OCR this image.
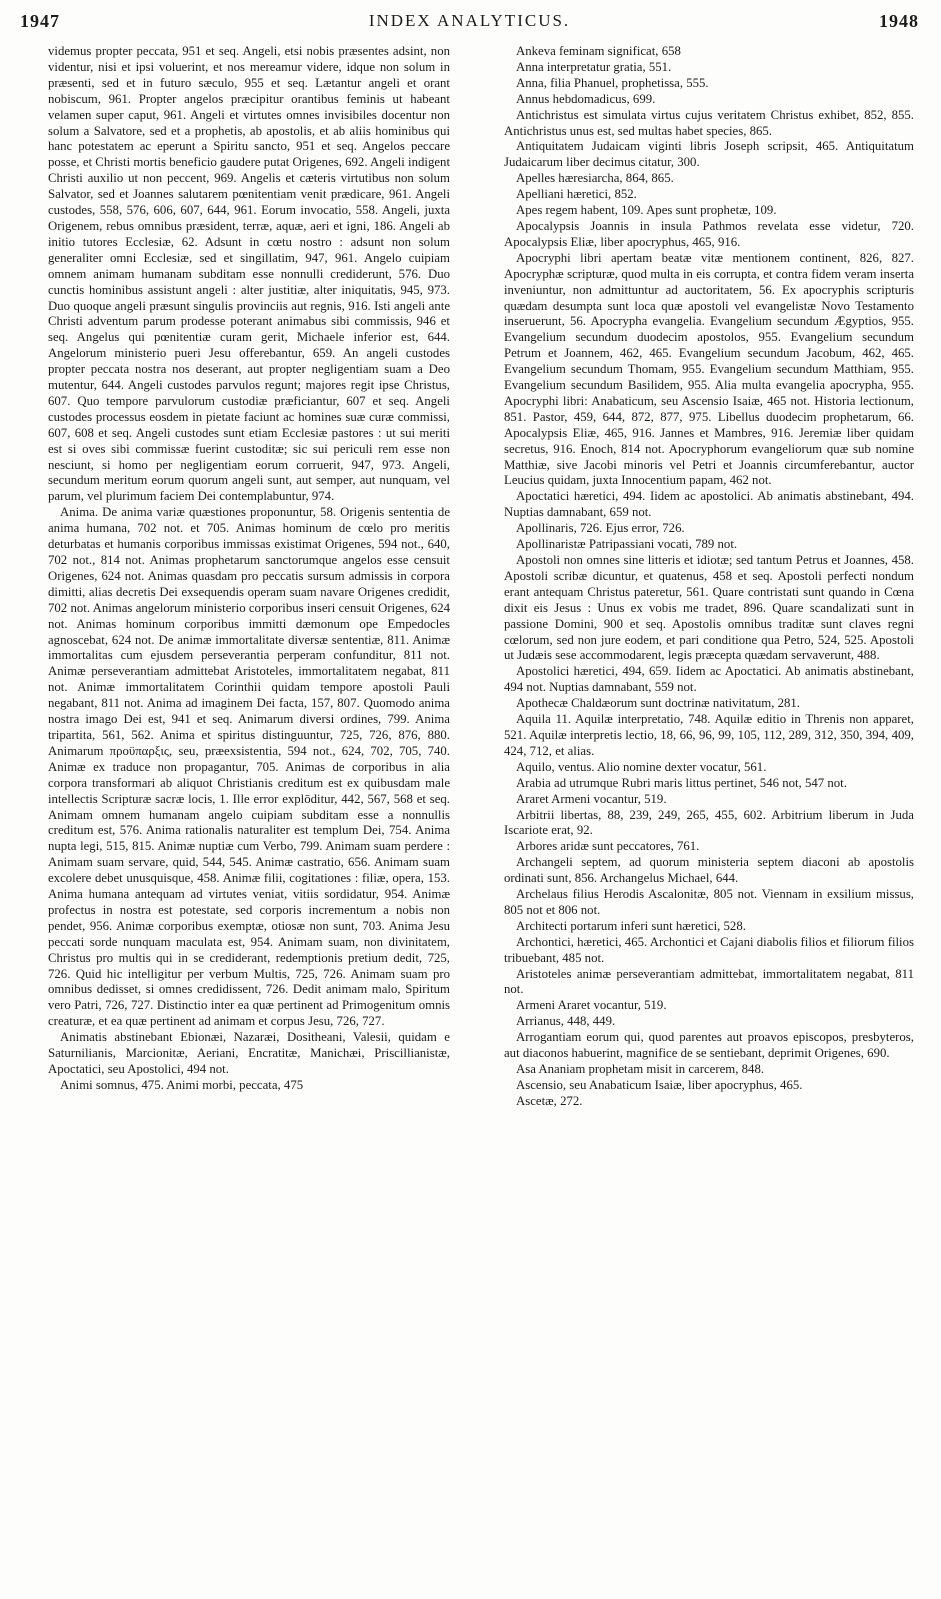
1947	INDEX ANALYTICUS.	1948

videmus propter peccata, 951 et seq. Angeli, etsi nobis præsentes adsint, non videntur, nisi et ipsi voluerint, et nos mereamur videre, idque non solum in præsenti, sed et in futuro sæculo, 955 et seq. Lætantur angeli et orant nobiscum, 961. Propter angelos præcipitur orantibus feminis ut habeant velamen super caput, 961. Angeli et virtutes omnes invisibiles docentur non solum a Salvatore, sed et a prophetis, ab apostolis, et ab aliis hominibus qui hanc potestatem ac eperunt a Spiritu sancto, 951 et seq. Angelos peccare posse, et Christi mortis beneficio gaudere putat Origenes, 692. Angeli indigent Christi auxilio ut non peccent, 969. Angelis et cæteris virtutibus non solum Salvator, sed et Joannes salutarem pœnitentiam venit prædicare, 961. Angeli custodes, 558, 576, 606, 607, 644, 961. Eorum invocatio, 558. Angeli, juxta Origenem, rebus omnibus præsident, terræ, aquæ, aeri et igni, 186. Angeli ab initio tutores Ecclesiæ, 62. Adsunt in cœtu nostro : adsunt non solum generaliter omni Ecclesiæ, sed et singillatim, 947, 961. Angelo cuipiam omnem animam humanam subditam esse nonnulli crediderunt, 576. Duo cunctis hominibus assistunt angeli : alter justitiæ, alter iniquitatis, 945, 973. Duo quoque angeli præsunt singulis provinciis aut regnis, 916. Isti angeli ante Christi adventum parum prodesse poterant animabus sibi commissis, 946 et seq. Angelus qui pœnitentiæ curam gerit, Michaele inferior est, 644. Angelorum ministerio pueri Jesu offerebantur, 659. An angeli custodes propter peccata nostra nos deserant, aut propter negligentiam suam a Deo mutentur, 644. Angeli custodes parvulos regunt; majores regit ipse Christus, 607. Quo tempore parvulorum custodiæ præficiantur, 607 et seq. Angeli custodes processus eosdem in pietate faciunt ac homines suæ curæ commissi, 607, 608 et seq. Angeli custodes sunt etiam Ecclesiæ pastores : ut sui meriti est si oves sibi commissæ fuerint custoditæ; sic sui periculi rem esse non nesciunt, si homo per negligentiam eorum corruerit, 947, 973. Angeli, secundum meritum eorum quorum angeli sunt, aut semper, aut nunquam, vel parum, vel plurimum faciem Dei contemplabuntur, 974.

Anima. De anima variæ quæstiones proponuntur, 58. Origenis sententia de anima humana, 702 not. et 705. Animas hominum de cœlo pro meritis deturbatas et humanis corporibus immissas existimat Origenes, 594 not., 640, 702 not., 814 not. Animas prophetarum sanctorumque angelos esse censuit Origenes, 624 not. Animas quasdam pro peccatis sursum admissis in corpora dimitti, alias decretis Dei exsequendis operam suam navare Origenes credidit, 702 not. Animas angelorum ministerio corporibus inseri censuit Origenes, 624 not. Animas hominum corporibus immitti dæmonum ope Empedocles agnoscebat, 624 not. De animæ immortalitate diversæ sententiæ, 811. Animæ immortalitas cum ejusdem perseverantia perperam confunditur, 811 not. Animæ perseverantiam admittebat Aristoteles, immortalitatem negabat, 811 not. Animæ immortalitatem Corinthii quidam tempore apostoli Pauli negabant, 811 not. Anima ad imaginem Dei facta, 157, 807. Quomodo anima nostra imago Dei est, 941 et seq. Animarum diversi ordines, 799. Anima tripartita, 561, 562. Anima et spiritus distinguuntur, 725, 726, 876, 880. Animarum προϋπαρξις, seu, præexsistentia, 594 not., 624, 702, 705, 740. Animæ ex traduce non propagantur, 705. Animas de corporibus in alia corpora transformari ab aliquot Christianis creditum est ex quibusdam male intellectis Scripturæ sacræ locis, 1. Ille error explōditur, 442, 567, 568 et seq. Animam omnem humanam angelo cuipiam subditam esse a nonnullis creditum est, 576. Anima rationalis naturaliter est templum Dei, 754. Anima nupta legi, 515, 815. Animæ nuptiæ cum Verbo, 799. Animam suam perdere : Animam suam servare, quid, 544, 545. Animæ castratio, 656. Animam suam excolere debet unusquisque, 458. Animæ filii, cogitationes : filiæ, opera, 153. Anima humana antequam ad virtutes veniat, vitiis sordidatur, 954. Animæ profectus in nostra est potestate, sed corporis incrementum a nobis non pendet, 956. Animæ corporibus exemptæ, otiosæ non sunt, 703. Anima Jesu peccati sorde nunquam maculata est, 954. Animam suam, non divinitatem, Christus pro multis qui in se crediderant, redemptionis pretium dedit, 725, 726. Quid hic intelligitur per verbum Multis, 725, 726. Animam suam pro omnibus dedisset, si omnes credidissent, 726. Dedit animam malo, Spiritum vero Patri, 726, 727. Distinctio inter ea quæ pertinent ad Primogenitum omnis creaturæ, et ea quæ pertinent ad animam et corpus Jesu, 726, 727.

Animatis abstinebant Ebionæi, Nazaræi, Dositheani, Valesii, quidam e Saturnilianis, Marcionitæ, Aeriani, Encratitæ, Manichæi, Priscillianistæ, Apoctatici, seu Apostolici, 494 not.

Animi somnus, 475. Animi morbi, peccata, 475

Ankeva feminam significat, 658

Anna interpretatur gratia, 551.

Anna, filia Phanuel, prophetissa, 555.

Annus hebdomadicus, 699.

Antichristus est simulata virtus cujus veritatem Christus exhibet, 852, 855. Antichristus unus est, sed multas habet species, 865.

Antiquitatem Judaicam viginti libris Joseph scripsit, 465. Antiquitatum Judaicarum liber decimus citatur, 300.

Apelles hæresiarcha, 864, 865.

Apelliani hæretici, 852.

Apes regem habent, 109. Apes sunt prophetæ, 109.

Apocalypsis Joannis in insula Pathmos revelata esse videtur, 720. Apocalypsis Eliæ, liber apocryphus, 465, 916.

Apocryphi libri apertam beatæ vitæ mentionem continent, 826, 827. Apocryphæ scripturæ, quod multa in eis corrupta, et contra fidem veram inserta inveniuntur, non admittuntur ad auctoritatem, 56. Ex apocryphis scripturis quædam desumpta sunt loca quæ apostoli vel evangelistæ Novo Testamento inseruerunt, 56. Apocrypha evangelia. Evangelium secundum Ægyptios, 955. Evangelium secundum duodecim apostolos, 955. Evangelium secundum Petrum et Joannem, 462, 465. Evangelium secundum Jacobum, 462, 465. Evangelium secundum Thomam, 955. Evangelium secundum Matthiam, 955. Evangelium secundum Basilidem, 955. Alia multa evangelia apocrypha, 955. Apocryphi libri: Anabaticum, seu Ascensio Isaiæ, 465 not. Historia lectionum, 851. Pastor, 459, 644, 872, 877, 975. Libellus duodecim prophetarum, 66. Apocalypsis Eliæ, 465, 916. Jannes et Mambres, 916. Jeremiæ liber quidam secretus, 916. Enoch, 814 not. Apocryphorum evangeliorum quæ sub nomine Matthiæ, sive Jacobi minoris vel Petri et Joannis circumferebantur, auctor Leucius quidam, juxta Innocentium papam, 462 not.

Apoctatici hæretici, 494. Iidem ac apostolici. Ab animatis abstinebant, 494. Nuptias damnabant, 659 not.

Apollinaris, 726. Ejus error, 726.

Apollinaristæ Patripassiani vocati, 789 not.

Apostoli non omnes sine litteris et idiotæ; sed tantum Petrus et Joannes, 458. Apostoli scribæ dicuntur, et quatenus, 458 et seq. Apostoli perfecti nondum erant antequam Christus pateretur, 561. Quare contristati sunt quando in Cœna dixit eis Jesus : Unus ex vobis me tradet, 896. Quare scandalizati sunt in passione Domini, 900 et seq. Apostolis omnibus traditæ sunt claves regni cœlorum, sed non jure eodem, et pari conditione qua Petro, 524, 525. Apostoli ut Judæis sese accommodarent, legis præcepta quædam servaverunt, 488.

Apostolici hæretici, 494, 659. Iidem ac Apoctatici. Ab animatis abstinebant, 494 not. Nuptias damnabant, 559 not.

Apothecæ Chaldæorum sunt doctrinæ nativitatum, 281.

Aquila 11. Aquilæ interpretatio, 748. Aquilæ editio in Threnis non apparet, 521. Aquilæ interpretis lectio, 18, 66, 96, 99, 105, 112, 289, 312, 350, 394, 409, 424, 712, et alias.

Aquilo, ventus. Alio nomine dexter vocatur, 561.

Arabia ad utrumque Rubri maris littus pertinet, 546 not, 547 not.

Araret Armeni vocantur, 519.

Arbitrii libertas, 88, 239, 249, 265, 455, 602. Arbitrium liberum in Juda Iscariote erat, 92.

Arbores aridæ sunt peccatores, 761.

Archangeli septem, ad quorum ministeria septem diaconi ab apostolis ordinati sunt, 856. Archangelus Michael, 644.

Archelaus filius Herodis Ascalonitæ, 805 not. Viennam in exsilium missus, 805 not et 806 not.

Architecti portarum inferi sunt hæretici, 528.

Archontici, hæretici, 465. Archontici et Cajani diabolis filios et filiorum filios tribuebant, 485 not.

Aristoteles animæ perseverantiam admittebat, immortalitatem negabat, 811 not.

Armeni Araret vocantur, 519.

Arrianus, 448, 449.

Arrogantiam eorum qui, quod parentes aut proavos episcopos, presbyteros, aut diaconos habuerint, magnifice de se sentiebant, deprimit Origenes, 690.

Asa Ananiam prophetam misit in carcerem, 848.

Ascensio, seu Anabaticum Isaiæ, liber apocryphus, 465.

Ascetæ, 272.
